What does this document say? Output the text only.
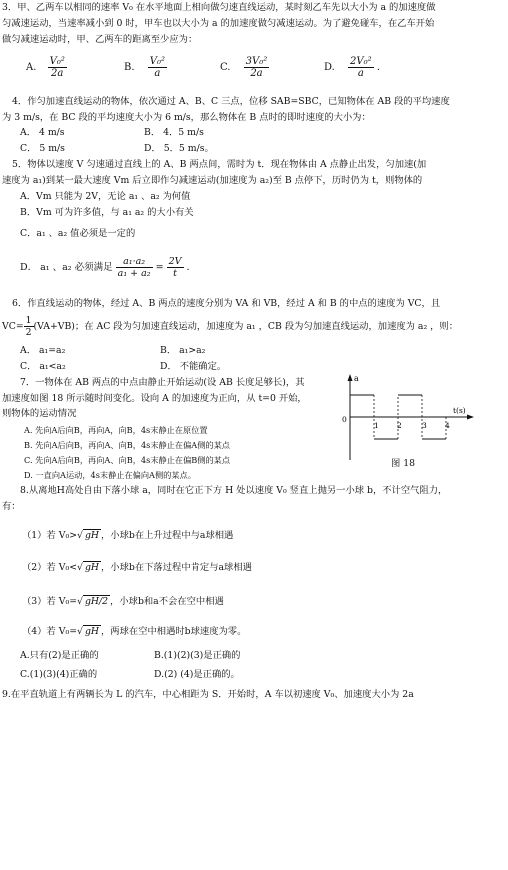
3．甲、乙两车以相同的速率 V₀ 在水平地面上相向做匀速直线运动，某时刻乙车先以大小为 a 的加速度做
匀减速运动，当速率减小到 0 时，甲车也以大小为 a 的加速度做匀减速运动。为了避免碰车，在乙车开始
做匀减速运动时，甲、乙两车的距离至少应为：
A. $\frac{\text{V₀²}}{2a}$	B. $\frac{\text{V₀²}}{a}$	C. $\frac{\text{3V₀²}}{2a}$	D. $\frac{\text{2V₀²}}{a}$ ．
4．作匀加速直线运动的物体，依次通过 A、B、C 三点，位移 SAB=SBC，已知物体在 AB 段的平均速度
为 3 m/s，在 BC 段的平均速度大小为 6 m/s，那么物体在 B 点时的即时速度的大小为：
A． 4 m/s	B． 4．5 m/s
C． 5 m/s	D． 5．5 m/s。
5．物体以速度 V 匀速通过直线上的 A、B 两点间，需时为 t．现在物体由 A 点静止出发，匀加速(加
速度为 a₁)到某一最大速度 Vm 后立即作匀减速运动(加速度为 a₂)至 B 点停下，历时仍为 t，则物体的
A．Vm 只能为 2V，无论 a₁ 、a₂ 为何值
B．Vm 可为许多值，与 a₁ a₂ 的大小有关
C．a₁ 、a₂ 值必须是一定的
D． a₁ 、a₂ 必须满足 $\frac{\text{a₁·a₂}}{\text{a₁ + a₂}} = \frac{2V}{t}$ ．
6．作直线运动的物体，经过 A、B 两点的速度分别为 VA 和 VB，经过 A 和 B 的中点的速度为 VC，且
$VC= \frac{1}{2} (VA+VB)$；在 AC 段为匀加速直线运动，加速度为 a₁ ，CB 段为匀加速直线运动，加速度为 a₂ ，则：
A． a₁=a₂	B． a₁>a₂
C． a₁<a₂	D． 不能确定。
7．一物体在 AB 两点的中点由静止开始运动(设 AB 长度足够长)，其
加速度如图 18 所示随时间变化。设向 A 的加速度为正向，从 t=0 开始，
则物体的运动情况
A. 先向A后向B，再向A，向B，4s末静止在原位置
B. 先向A后向B，再向A、向B，4s末静止在偏A侧的某点
C. 先向A后向B，再向A、向B，4s末静止在偏B侧的某点
D. 一直向A运动，4s末静止在偏向A侧的某点。
a
t(s)
0
1 2	3 4
图 18
8.从离地H高处自由下落小球 a，同时在它正下方 H 处以速度 V₀ 竖直上抛另一小球 b，不计空气阻力，
有：
（1）若 V₀>√ gH ，小球b在上升过程中与a球相遇
（2）若 V₀<√ gH ，小球b在下落过程中肯定与a球相遇
（3）若 V₀=√ gH/2 ，小球b和a不会在空中相遇
（4）若 V₀=√ gH ，两球在空中相遇时b球速度为零。
A.只有(2)是正确的	B.(1)(2)(3)是正确的
C.(1)(3)(4)正确的	D.(2) (4)是正确的。
9.在平直轨道上有两辆长为 L 的汽车，中心相距为 S．开始时，A 车以初速度 V₀、加速度大小为 2a
